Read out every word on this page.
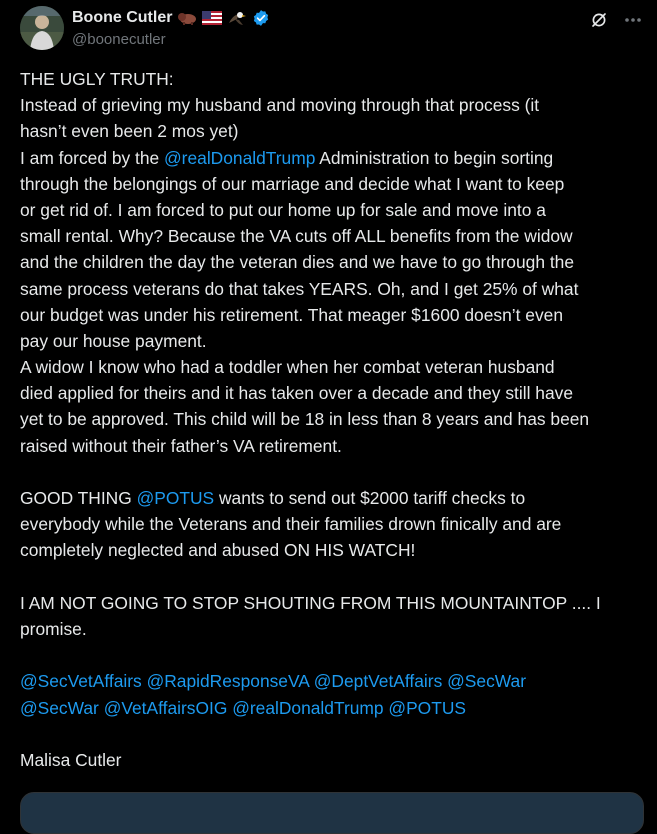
Boone Cutler
@boonecutler
THE UGLY TRUTH:
Instead of grieving my husband and moving through that process (it
hasn’t even been 2 mos yet)
I am forced by the @realDonaldTrump Administration to begin sorting
through the belongings of our marriage and decide what I want to keep
or get rid of. I am forced to put our home up for sale and move into a
small rental. Why? Because the VA cuts off ALL benefits from the widow
and the children the day the veteran dies and we have to go through the
same process veterans do that takes YEARS. Oh, and I get 25% of what
our budget was under his retirement. That meager $1600 doesn’t even
pay our house payment.
A widow I know who had a toddler when her combat veteran husband
died applied for theirs and it has taken over a decade and they still have
yet to be approved. This child will be 18 in less than 8 years and has been
raised without their father’s VA retirement.
GOOD THING @POTUS wants to send out $2000 tariff checks to
everybody while the Veterans and their families drown finically and are
completely neglected and abused ON HIS WATCH!
I AM NOT GOING TO STOP SHOUTING FROM THIS MOUNTAINTOP .... I
promise.
@SecVetAffairs @RapidResponseVA @DeptVetAffairs @SecWar
@SecWar @VetAffairsOIG @realDonaldTrump @POTUS
Malisa Cutler
